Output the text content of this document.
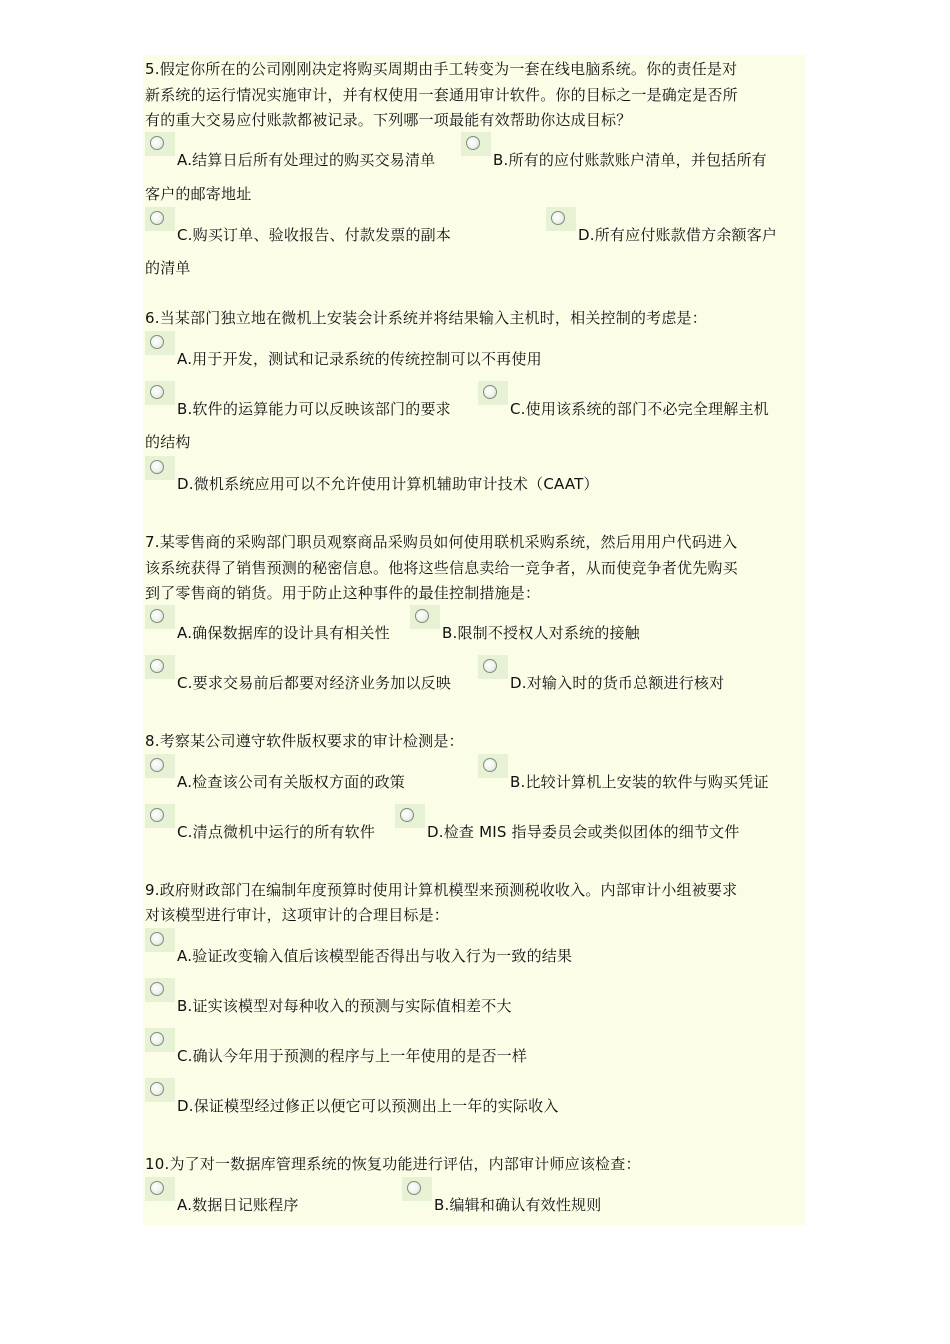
5.假定你所在的公司刚刚决定将购买周期由手工转变为一套在线电脑系统。你的责任是对
新系统的运行情况实施审计，并有权使用一套通用审计软件。你的目标之一是确定是否所
有的重大交易应付账款都被记录。下列哪一项最能有效帮助你达成目标？
A.结算日后所有处理过的购买交易清单	B.所有的应付账款账户清单，并包括所有
客户的邮寄地址
C.购买订单、验收报告、付款发票的副本	D.所有应付账款借方余额客户
的清单
6.当某部门独立地在微机上安装会计系统并将结果输入主机时，相关控制的考虑是：
A.用于开发，测试和记录系统的传统控制可以不再使用
B.软件的运算能力可以反映该部门的要求	C.使用该系统的部门不必完全理解主机
的结构
D.微机系统应用可以不允许使用计算机辅助审计技术（CAAT）
7.某零售商的采购部门职员观察商品采购员如何使用联机采购系统，然后用用户代码进入
该系统获得了销售预测的秘密信息。他将这些信息卖给一竞争者，从而使竞争者优先购买
到了零售商的销货。用于防止这种事件的最佳控制措施是：
A.确保数据库的设计具有相关性	B.限制不授权人对系统的接触
C.要求交易前后都要对经济业务加以反映	D.对输入时的货币总额进行核对
8.考察某公司遵守软件版权要求的审计检测是：
A.检查该公司有关版权方面的政策	B.比较计算机上安装的软件与购买凭证
C.清点微机中运行的所有软件	D.检查 MIS 指导委员会或类似团体的细节文件
9.政府财政部门在编制年度预算时使用计算机模型来预测税收收入。内部审计小组被要求
对该模型进行审计，这项审计的合理目标是：
A.验证改变输入值后该模型能否得出与收入行为一致的结果
B.证实该模型对每种收入的预测与实际值相差不大
C.确认今年用于预测的程序与上一年使用的是否一样
D.保证模型经过修正以便它可以预测出上一年的实际收入
10.为了对一数据库管理系统的恢复功能进行评估，内部审计师应该检查：
A.数据日记账程序	B.编辑和确认有效性规则
